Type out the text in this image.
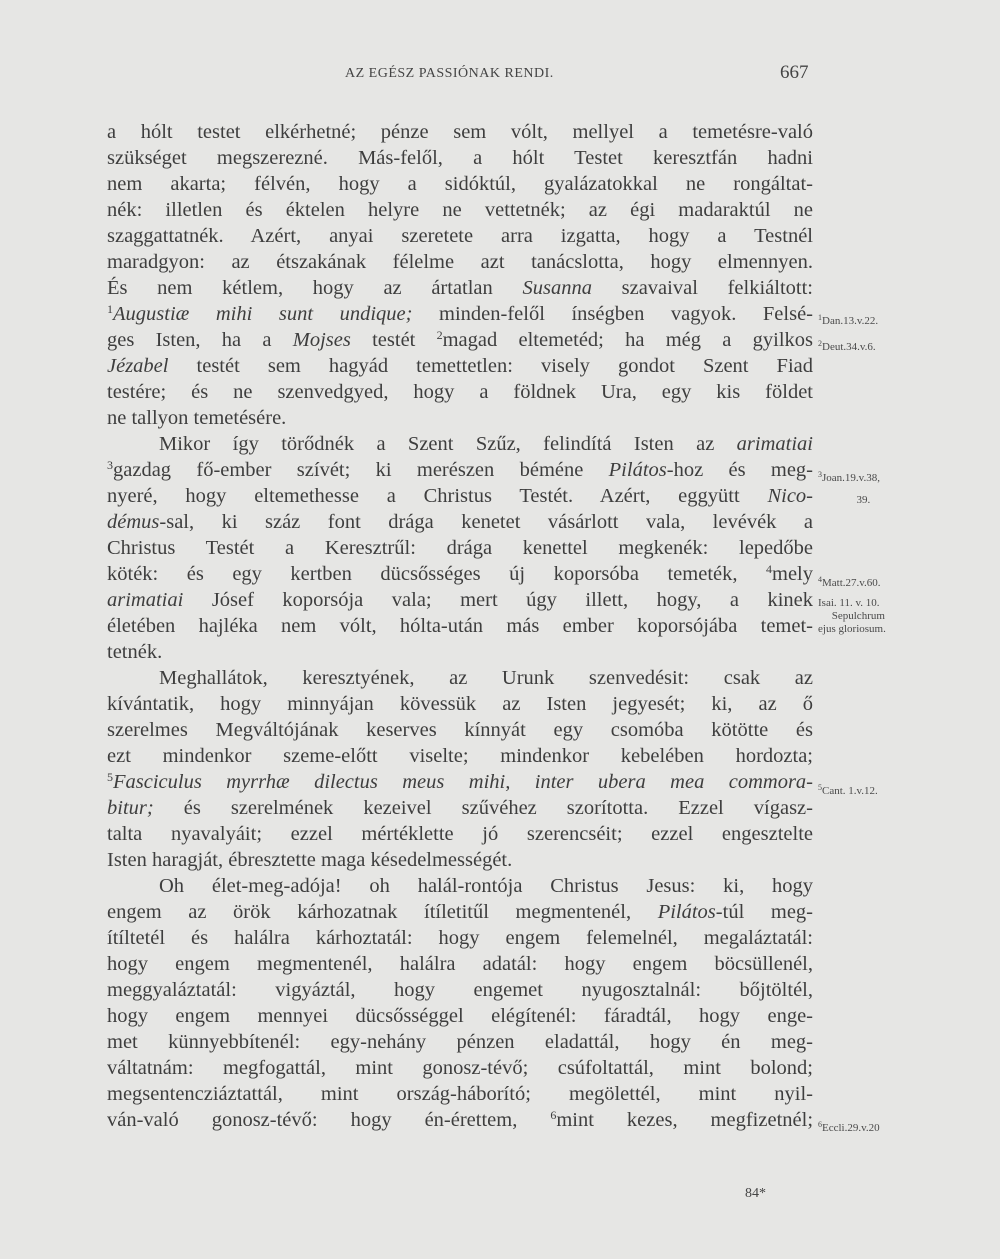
AZ EGÉSZ PASSIÓNAK RENDI.	667
a hólt testet elkérhetné; pénze sem vólt, mellyel a temetésre-való
szükséget megszerezné. Más-felől, a hólt Testet keresztfán hadni
nem akarta; félvén, hogy a sidóktúl, gyalázatokkal ne rongáltat-
nék: illetlen és éktelen helyre ne vettetnék; az égi madaraktúl ne
szaggattatnék. Azért, anyai szeretete arra izgatta, hogy a Testnél
maradgyon: az étszakának félelme azt tanácslotta, hogy elmennyen.
És nem kétlem, hogy az ártatlan Susanna szavaival felkiáltott:
$^1$Augustiæ mihi sunt undique; minden-felől ínségben vagyok. Felsé-
ges Isten, ha a Mojses testét $^2$magad eltemetéd; ha még a gyilkos
Jézabel testét sem hagyád temettetlen: visely gondot Szent Fiad
testére; és ne szenvedgyed, hogy a földnek Ura, egy kis földet
ne tallyon temetésére.
Mikor így törődnék a Szent Szűz, felindítá Isten az arimatiai
$^3$gazdag fő-ember szívét; ki merészen béméne Pilátos-hoz és meg-
nyeré, hogy eltemethesse a Christus Testét. Azért, eggyütt Nico-
démus-sal, ki száz font drága kenetet vásárlott vala, levévék a
Christus Testét a Keresztrűl: drága kenettel megkenék: lepedőbe
köték: és egy kertben dücsősséges új koporsóba temeték, $^4$mely
arimatiai Jósef koporsója vala; mert úgy illett, hogy, a kinek
életében hajléka nem vólt, hólta-után más ember koporsójába temet-
tetnék.
Meghallátok, keresztyének, az Urunk szenvedésit: csak az
kívántatik, hogy minnyájan kövessük az Isten jegyesét; ki, az ő
szerelmes Megváltójának keserves kínnyát egy csomóba kötötte és
ezt mindenkor szeme-előtt viselte; mindenkor kebelében hordozta;
$^5$Fasciculus myrrhæ dilectus meus mihi, inter ubera mea commora-
bitur; és szerelmének kezeivel szűvéhez szorította. Ezzel vígasz-
talta nyavalyáit; ezzel mértéklette jó szerencséit; ezzel engesztelte
Isten haragját, ébresztette maga késedelmességét.
Oh élet-meg-adója! oh halál-rontója Christus Jesus: ki, hogy
engem az örök kárhozatnak ítíletitűl megmentenél, Pilátos-túl meg-
ítíltetél és halálra kárhoztatál: hogy engem felemelnél, megaláztatál:
hogy engem megmentenél, halálra adatál: hogy engem böcsüllenél,
meggyaláztatál: vigyáztál, hogy engemet nyugosztalnál: bőjtöltél,
hogy engem mennyei dücsősséggel elégítenél: fáradtál, hogy enge-
met künnyebbítenél: egy-nehány pénzen eladattál, hogy én meg-
váltatnám: megfogattál, mint gonosz-tévő; csúfoltattál, mint bolond;
megsentencziáztattál, mint ország-háborító; megölettél, mint nyil-
ván-való gonosz-tévő: hogy én-érettem, $^6$mint kezes, megfizetnél;
$^1$Dan.13.v.22.
$^2$Deut.34.v.6.
$^3$Joan.19.v.38,
39.
$^4$Matt.27.v.60.
Isai. 11. v. 10.
Sepulchrum
ejus gloriosum.
$^5$Cant. 1.v.12.
$^6$Eccli.29.v.20
84*
